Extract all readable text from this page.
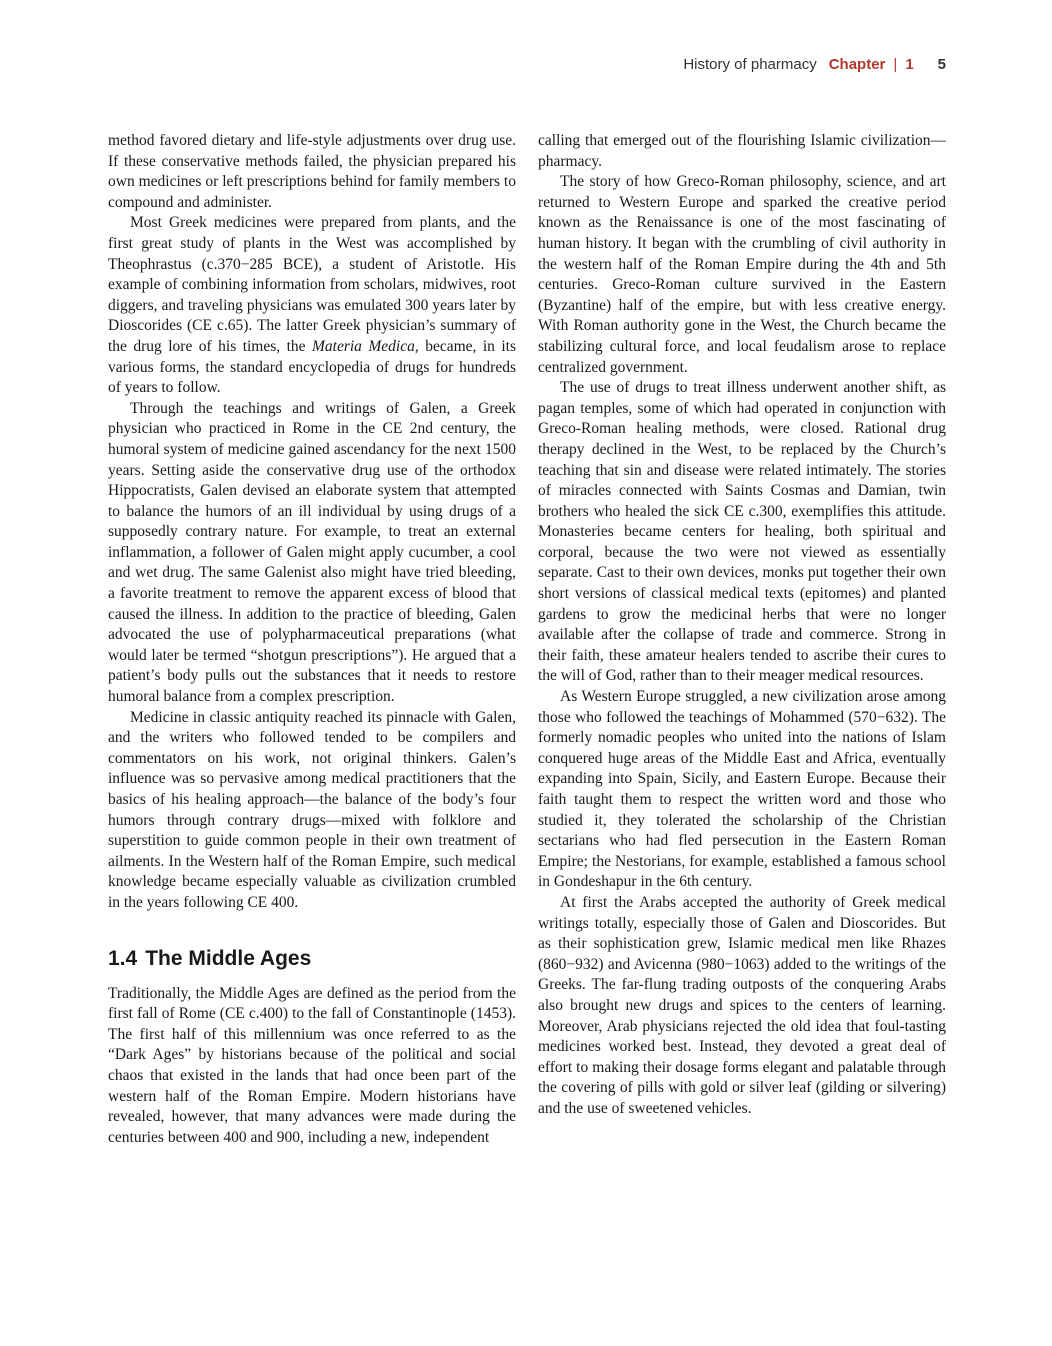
History of pharmacy Chapter | 1 5

method favored dietary and life-style adjustments over drug use. If these conservative methods failed, the physician prepared his own medicines or left prescriptions behind for family members to compound and administer.

Most Greek medicines were prepared from plants, and the first great study of plants in the West was accomplished by Theophrastus (c.370−285 BCE), a student of Aristotle. His example of combining information from scholars, midwives, root diggers, and traveling physicians was emulated 300 years later by Dioscorides (CE c.65). The latter Greek physician’s summary of the drug lore of his times, the Materia Medica, became, in its various forms, the standard encyclopedia of drugs for hundreds of years to follow.

Through the teachings and writings of Galen, a Greek physician who practiced in Rome in the CE 2nd century, the humoral system of medicine gained ascendancy for the next 1500 years. Setting aside the conservative drug use of the orthodox Hippocratists, Galen devised an elaborate system that attempted to balance the humors of an ill individual by using drugs of a supposedly contrary nature. For example, to treat an external inflammation, a follower of Galen might apply cucumber, a cool and wet drug. The same Galenist also might have tried bleeding, a favorite treatment to remove the apparent excess of blood that caused the illness. In addition to the practice of bleeding, Galen advocated the use of polypharmaceutical preparations (what would later be termed “shotgun prescriptions”). He argued that a patient’s body pulls out the substances that it needs to restore humoral balance from a complex prescription.

Medicine in classic antiquity reached its pinnacle with Galen, and the writers who followed tended to be compilers and commentators on his work, not original thinkers. Galen’s influence was so pervasive among medical practitioners that the basics of his healing approach—the balance of the body’s four humors through contrary drugs—mixed with folklore and superstition to guide common people in their own treatment of ailments. In the Western half of the Roman Empire, such medical knowledge became especially valuable as civilization crumbled in the years following CE 400.

1.4 The Middle Ages

Traditionally, the Middle Ages are defined as the period from the first fall of Rome (CE c.400) to the fall of Constantinople (1453). The first half of this millennium was once referred to as the “Dark Ages” by historians because of the political and social chaos that existed in the lands that had once been part of the western half of the Roman Empire. Modern historians have revealed, however, that many advances were made during the centuries between 400 and 900, including a new, independent

calling that emerged out of the flourishing Islamic civilization—pharmacy.

The story of how Greco-Roman philosophy, science, and art returned to Western Europe and sparked the creative period known as the Renaissance is one of the most fascinating of human history. It began with the crumbling of civil authority in the western half of the Roman Empire during the 4th and 5th centuries. Greco-Roman culture survived in the Eastern (Byzantine) half of the empire, but with less creative energy. With Roman authority gone in the West, the Church became the stabilizing cultural force, and local feudalism arose to replace centralized government.

The use of drugs to treat illness underwent another shift, as pagan temples, some of which had operated in conjunction with Greco-Roman healing methods, were closed. Rational drug therapy declined in the West, to be replaced by the Church’s teaching that sin and disease were related intimately. The stories of miracles connected with Saints Cosmas and Damian, twin brothers who healed the sick CE c.300, exemplifies this attitude. Monasteries became centers for healing, both spiritual and corporal, because the two were not viewed as essentially separate. Cast to their own devices, monks put together their own short versions of classical medical texts (epitomes) and planted gardens to grow the medicinal herbs that were no longer available after the collapse of trade and commerce. Strong in their faith, these amateur healers tended to ascribe their cures to the will of God, rather than to their meager medical resources.

As Western Europe struggled, a new civilization arose among those who followed the teachings of Mohammed (570−632). The formerly nomadic peoples who united into the nations of Islam conquered huge areas of the Middle East and Africa, eventually expanding into Spain, Sicily, and Eastern Europe. Because their faith taught them to respect the written word and those who studied it, they tolerated the scholarship of the Christian sectarians who had fled persecution in the Eastern Roman Empire; the Nestorians, for example, established a famous school in Gondeshapur in the 6th century.

At first the Arabs accepted the authority of Greek medical writings totally, especially those of Galen and Dioscorides. But as their sophistication grew, Islamic medical men like Rhazes (860−932) and Avicenna (980−1063) added to the writings of the Greeks. The far-flung trading outposts of the conquering Arabs also brought new drugs and spices to the centers of learning. Moreover, Arab physicians rejected the old idea that foul-tasting medicines worked best. Instead, they devoted a great deal of effort to making their dosage forms elegant and palatable through the covering of pills with gold or silver leaf (gilding or silvering) and the use of sweetened vehicles.
